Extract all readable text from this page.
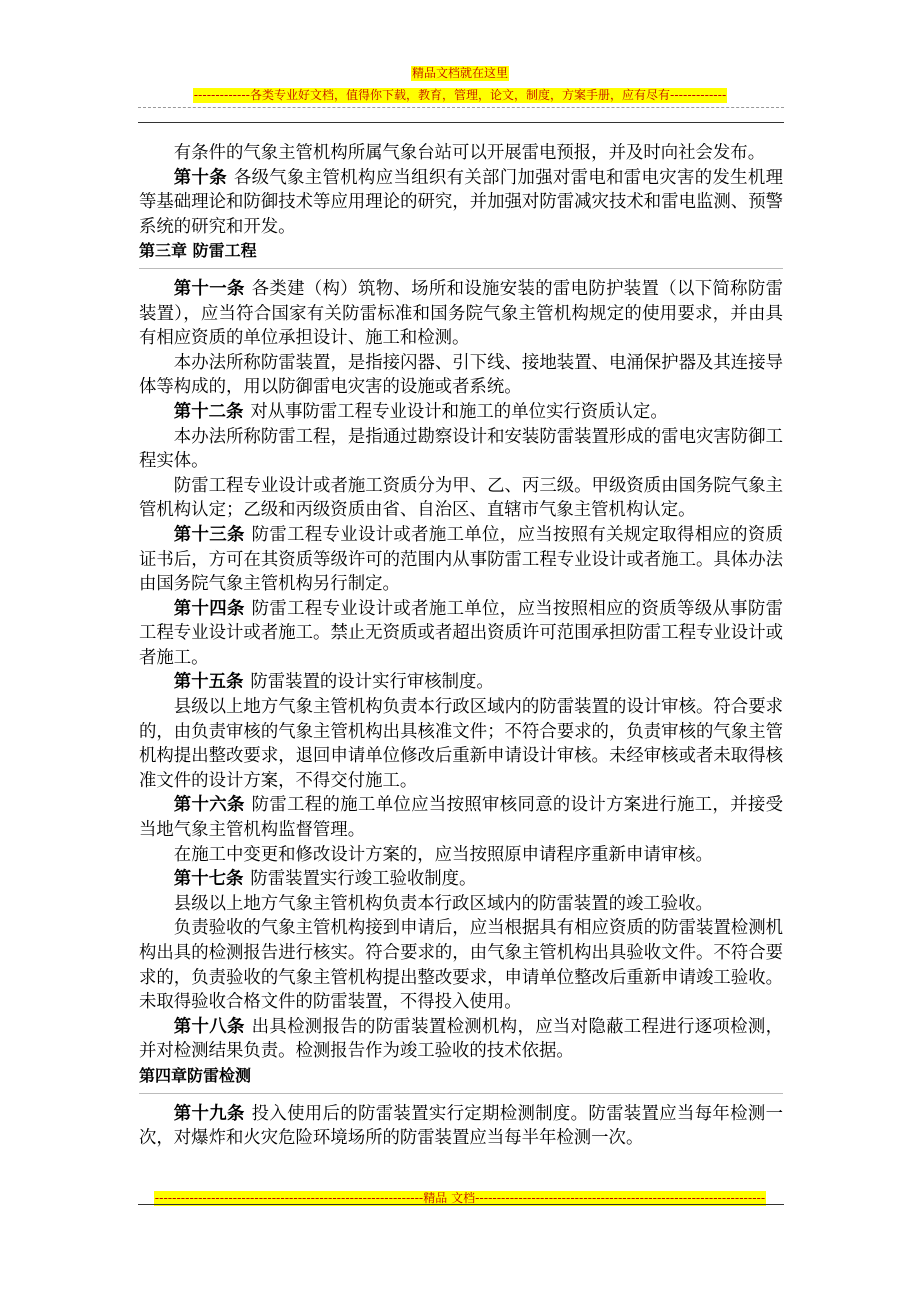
精品文档就在这里
-------------各类专业好文档，值得你下载，教育，管理，论文，制度，方案手册，应有尽有-------------

有条件的气象主管机构所属气象台站可以开展雷电预报，并及时向社会发布。

第十条 各级气象主管机构应当组织有关部门加强对雷电和雷电灾害的发生机理等基础理论和防御技术等应用理论的研究，并加强对防雷减灾技术和雷电监测、预警系统的研究和开发。

第三章 防雷工程

第十一条 各类建（构）筑物、场所和设施安装的雷电防护装置（以下简称防雷装置），应当符合国家有关防雷标准和国务院气象主管机构规定的使用要求，并由具有相应资质的单位承担设计、施工和检测。

本办法所称防雷装置，是指接闪器、引下线、接地装置、电涌保护器及其连接导体等构成的，用以防御雷电灾害的设施或者系统。

第十二条 对从事防雷工程专业设计和施工的单位实行资质认定。

本办法所称防雷工程，是指通过勘察设计和安装防雷装置形成的雷电灾害防御工程实体。

防雷工程专业设计或者施工资质分为甲、乙、丙三级。甲级资质由国务院气象主管机构认定；乙级和丙级资质由省、自治区、直辖市气象主管机构认定。

第十三条 防雷工程专业设计或者施工单位，应当按照有关规定取得相应的资质证书后，方可在其资质等级许可的范围内从事防雷工程专业设计或者施工。具体办法由国务院气象主管机构另行制定。

第十四条 防雷工程专业设计或者施工单位，应当按照相应的资质等级从事防雷工程专业设计或者施工。禁止无资质或者超出资质许可范围承担防雷工程专业设计或者施工。

第十五条 防雷装置的设计实行审核制度。

县级以上地方气象主管机构负责本行政区域内的防雷装置的设计审核。符合要求的，由负责审核的气象主管机构出具核准文件；不符合要求的，负责审核的气象主管机构提出整改要求，退回申请单位修改后重新申请设计审核。未经审核或者未取得核准文件的设计方案，不得交付施工。

第十六条 防雷工程的施工单位应当按照审核同意的设计方案进行施工，并接受当地气象主管机构监督管理。

在施工中变更和修改设计方案的，应当按照原申请程序重新申请审核。

第十七条 防雷装置实行竣工验收制度。

县级以上地方气象主管机构负责本行政区域内的防雷装置的竣工验收。

负责验收的气象主管机构接到申请后，应当根据具有相应资质的防雷装置检测机构出具的检测报告进行核实。符合要求的，由气象主管机构出具验收文件。不符合要求的，负责验收的气象主管机构提出整改要求，申请单位整改后重新申请竣工验收。未取得验收合格文件的防雷装置，不得投入使用。

第十八条 出具检测报告的防雷装置检测机构，应当对隐蔽工程进行逐项检测，并对检测结果负责。检测报告作为竣工验收的技术依据。

第四章防雷检测

第十九条 投入使用后的防雷装置实行定期检测制度。防雷装置应当每年检测一次，对爆炸和火灾危险环境场所的防雷装置应当每半年检测一次。

--------------------------------------------------------------精品 文档-------------------------------------------------------------------
